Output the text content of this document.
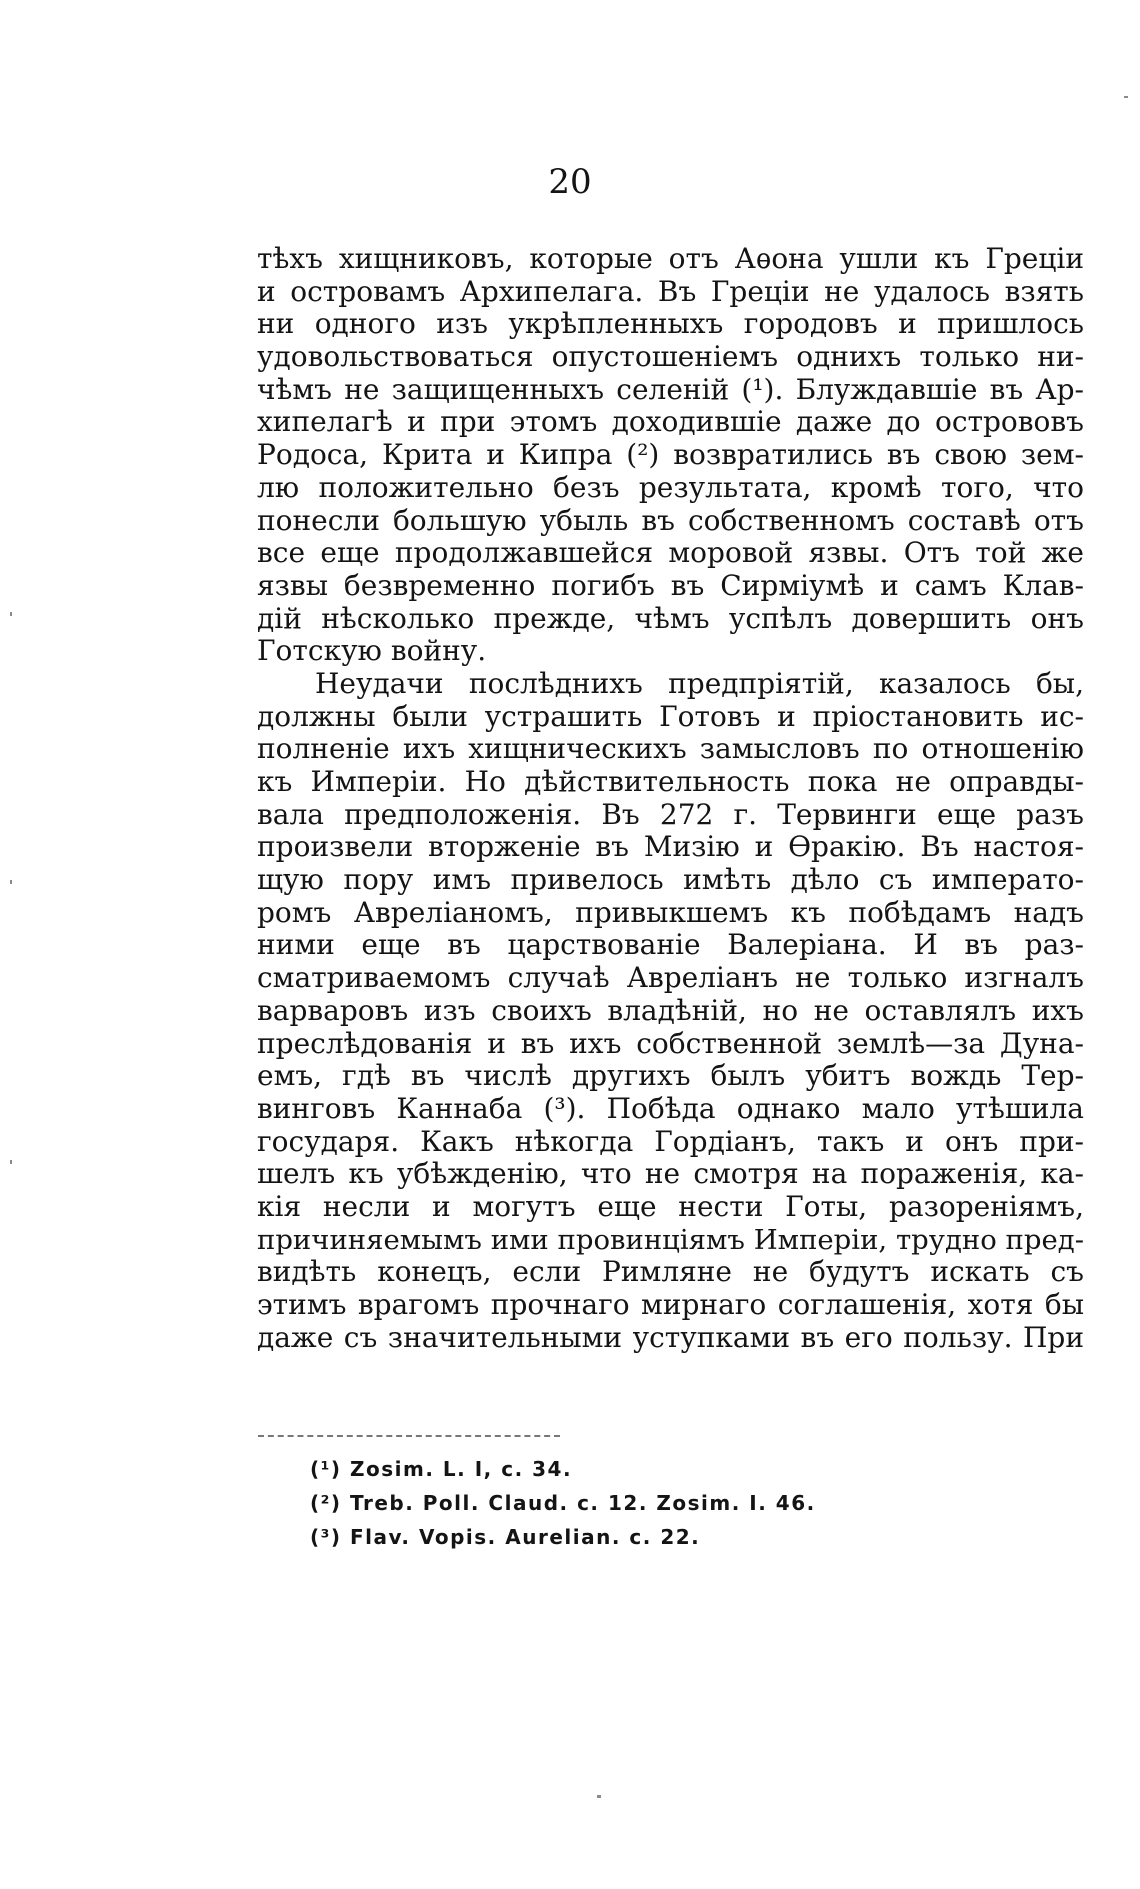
20
тѣхъ хищниковъ, которые отъ Аѳона ушли къ Греціи
и островамъ Архипелага. Въ Греціи не удалось взять
ни одного изъ укрѣпленныхъ городовъ и пришлось
удовольствоваться опустошеніемъ однихъ только ни-
чѣмъ не защищенныхъ селеній (¹). Блуждавшіе въ Ар-
хипелагѣ и при этомъ доходившіе даже до острововъ
Родоса, Крита и Кипра (²) возвратились въ свою зем-
лю положительно безъ результата, кромѣ того, что
понесли большую убыль въ собственномъ составѣ отъ
все еще продолжавшейся моровой язвы. Отъ той же
язвы безвременно погибъ въ Сирміумѣ и самъ Клав-
дій нѣсколько прежде, чѣмъ успѣлъ довершить онъ
Готскую войну.
Неудачи послѣднихъ предпріятій, казалось бы,
должны были устрашить Готовъ и пріостановить ис-
полненіе ихъ хищническихъ замысловъ по отношенію
къ Имперіи. Но дѣйствительность пока не оправды-
вала предположенія. Въ 272 г. Тервинги еще разъ
произвели вторженіе въ Мизію и Ѳракію. Въ настоя-
щую пору имъ привелось имѣть дѣло съ императо-
ромъ Авреліаномъ, привыкшемъ къ побѣдамъ надъ
ними еще въ царствованіе Валеріана. И въ раз-
сматриваемомъ случаѣ Авреліанъ не только изгналъ
варваровъ изъ своихъ владѣній, но не оставлялъ ихъ
преслѣдованія и въ ихъ собственной землѣ—за Дуна-
емъ, гдѣ въ числѣ другихъ былъ убитъ вождь Тер-
винговъ Каннаба (³). Побѣда однако мало утѣшила
государя. Какъ нѣкогда Гордіанъ, такъ и онъ при-
шелъ къ убѣжденію, что не смотря на пораженія, ка-
кія несли и могутъ еще нести Готы, разореніямъ,
причиняемымъ ими провинціямъ Имперіи, трудно пред-
видѣть конецъ, если Римляне не будутъ искать съ
этимъ врагомъ прочнаго мирнаго соглашенія, хотя бы
даже съ значительными уступками въ его пользу. При
(¹) Zosim. L. I, c. 34.
(²) Treb. Poll. Claud. c. 12. Zosim. I. 46.
(³) Flav. Vopis. Aurelian. c. 22.
